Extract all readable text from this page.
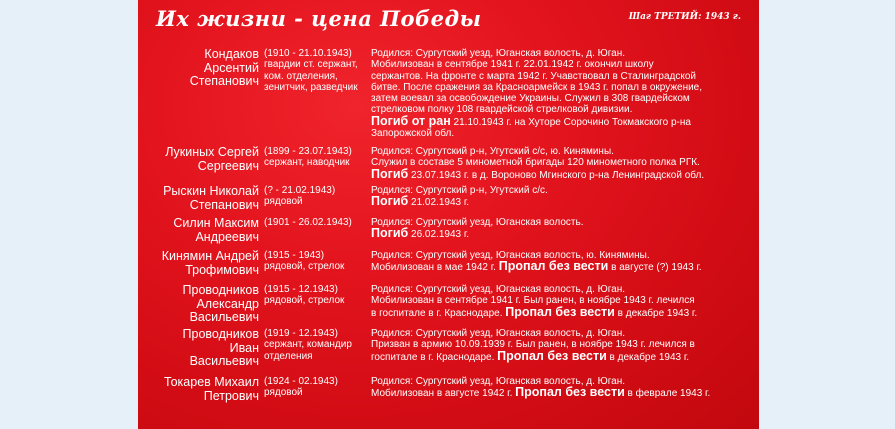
Их жизни - цена Победы	Шаг ТРЕТИЙ: 1943 г.
Кондаков
Арсентий
Степанович
(1910 - 21.10.1943)
гвардии ст. сержант,
ком. отделения,
зенитчик, разведчик
Родился: Сургутский уезд, Юганская волость, д. Юган.
Мобилизован в сентябре 1941 г. 22.01.1942 г. окончил школу
сержантов. На фронте с марта 1942 г. Учавствовал в Сталинградской
битве. После сражения за Красноармейск в 1943 г. попал в окружение,
затем воевал за освобождение Украины. Служил в 308 гвардейском
стрелковом полку 108 гвардейской стрелковой дивизии.
Погиб от ран 21.10.1943 г. на Хуторе Сорочино Токмакского р-на
Запорожской обл.
Лукиных Сергей
Сергеевич
(1899 - 23.07.1943)
сержант, наводчик
Родился: Сургутский р-н, Угутский с/с, ю. Кинямины.
Служил в составе 5 минометной бригады 120 минометного полка РГК.
Погиб 23.07.1943 г. в д. Вороново Мгинского р-на Ленинградской обл.
Рыскин Николай
Степанович
(? - 21.02.1943)
рядовой
Родился: Сургутский р-н, Угутский с/с.
Погиб 21.02.1943 г.
Силин Максим
Андреевич
(1901 - 26.02.1943) Родился: Сургутский уезд, Юганская волость.
Погиб 26.02.1943 г.
Кинямин Андрей
Трофимович
(1915 - 1943)
рядовой, стрелок
Родился: Сургутский уезд, Юганская волость, ю. Кинямины.
Мобилизован в мае 1942 г. Пропал без вести в августе (?) 1943 г.
Проводников
Александр
Васильевич
(1915 - 12.1943)
рядовой, стрелок
Родился: Сургутский уезд, Юганская волость, д. Юган.
Мобилизован в сентябре 1941 г. Был ранен, в ноябре 1943 г. лечился
в госпитале в г. Краснодаре. Пропал без вести в декабре 1943 г.
Проводников
Иван
Васильевич
(1919 - 12.1943)
сержант, командир
отделения
Родился: Сургутский уезд, Юганская волость, д. Юган.
Призван в армию 10.09.1939 г. Был ранен, в ноябре 1943 г. лечился в
госпитале в г. Краснодаре. Пропал без вести в декабре 1943 г.
Токарев Михаил
Петрович
(1924 - 02.1943)
рядовой
Родился: Сургутский уезд, Юганская волость, д. Юган.
Мобилизован в августе 1942 г. Пропал без вести в феврале 1943 г.
